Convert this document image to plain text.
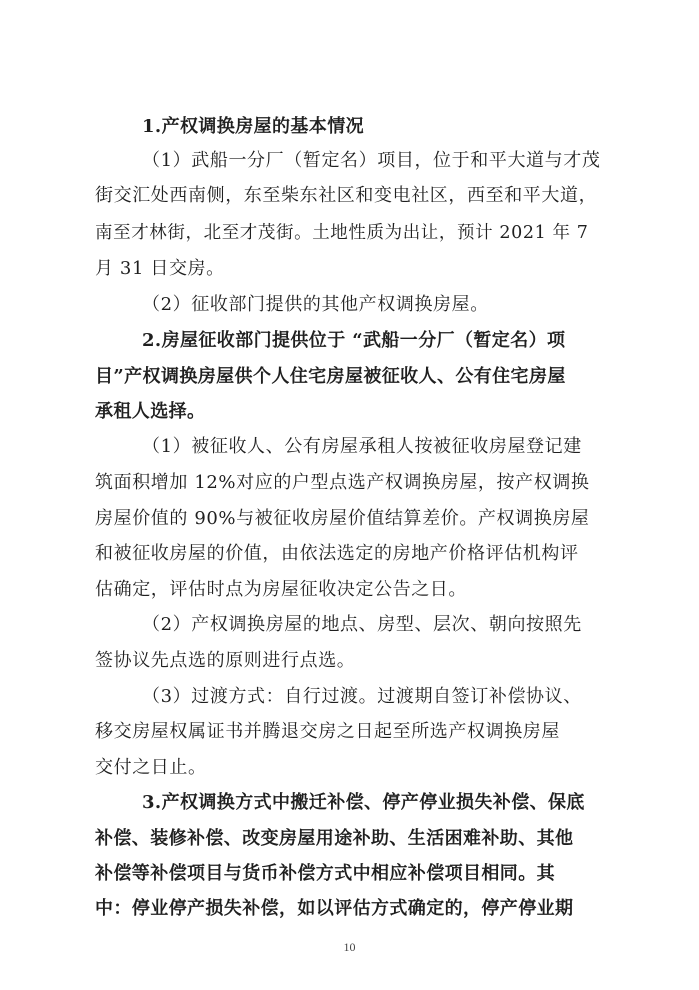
1.产权调换房屋的基本情况
（1）武船一分厂（暂定名）项目，位于和平大道与才茂
街交汇处西南侧，东至柴东社区和变电社区，西至和平大道，
南至才林街，北至才茂街。土地性质为出让，预计 2021 年 7
月 31 日交房。
（2）征收部门提供的其他产权调换房屋。
2.房屋征收部门提供位于 “武船一分厂（暂定名）项
目”产权调换房屋供个人住宅房屋被征收人、公有住宅房屋
承租人选择。
（1）被征收人、公有房屋承租人按被征收房屋登记建
筑面积增加 12%对应的户型点选产权调换房屋，按产权调换
房屋价值的 90%与被征收房屋价值结算差价。产权调换房屋
和被征收房屋的价值，由依法选定的房地产价格评估机构评
估确定，评估时点为房屋征收决定公告之日。
（2）产权调换房屋的地点、房型、层次、朝向按照先
签协议先点选的原则进行点选。
（3）过渡方式：自行过渡。过渡期自签订补偿协议、
移交房屋权属证书并腾退交房之日起至所选产权调换房屋
交付之日止。
3.产权调换方式中搬迁补偿、停产停业损失补偿、保底
补偿、装修补偿、改变房屋用途补助、生活困难补助、其他
补偿等补偿项目与货币补偿方式中相应补偿项目相同。其
中：停业停产损失补偿，如以评估方式确定的，停产停业期
10
